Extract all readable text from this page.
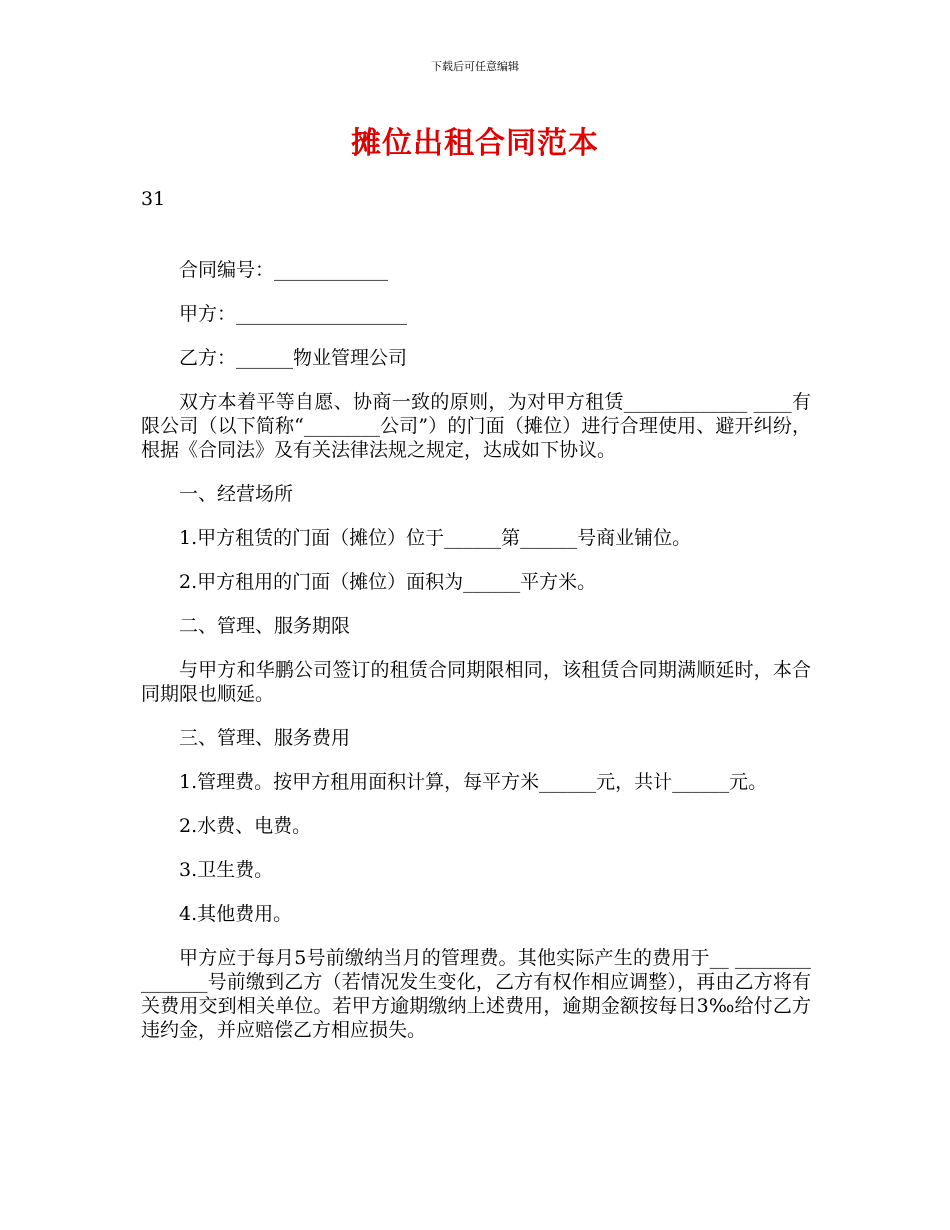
下载后可任意编辑
摊位出租合同范本
31

合同编号：____________

甲方：__________________

乙方：______物业管理公司

双方本着平等自愿、协商一致的原则，为对甲方租赁_____________ ____有限公司（以下简称“________公司”）的门面（摊位）进行合理使用、避开纠纷，根据《合同法》及有关法律法规之规定，达成如下协议。

一、经营场所

1.甲方租赁的门面（摊位）位于______第______号商业铺位。

2.甲方租用的门面（摊位）面积为______平方米。

二、管理、服务期限

与甲方和华鹏公司签订的租赁合同期限相同，该租赁合同期满顺延时，本合同期限也顺延。

三、管理、服务费用

1.管理费。按甲方租用面积计算，每平方米______元，共计______元。

2.水费、电费。

3.卫生费。

4.其他费用。

甲方应于每月5号前缴纳当月的管理费。其他实际产生的费用于__ _______________号前缴到乙方（若情况发生变化，乙方有权作相应调整），再由乙方将有关费用交到相关单位。若甲方逾期缴纳上述费用，逾期金额按每日3‰给付乙方违约金，并应赔偿乙方相应损失。
